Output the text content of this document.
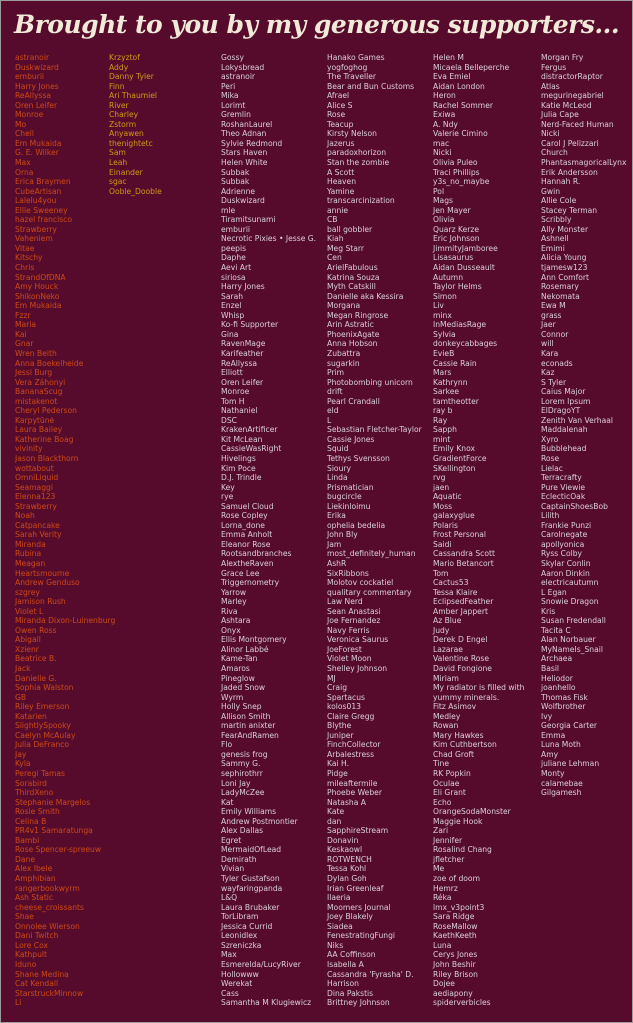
Brought to you by my generous supporters...
astranoir
Duskwizard
emburii
Harry Jones
ReAllyssa
Oren Leifer
Monroe
Mo
Chell
Em Mukaida
G. E. Wilker
Max
Orna
Erica Braymen
CubeArtisan
Lalelu4you
Ellie Sweeney
hazel francisco
Strawberry
Vaheniem
Vitae
Kitschy
Chris
StrandOfDNA
Amy Houck
ShikonNeko
Em Mukaida
Fzzr
Maria
Kai
Gnar
Wren Beith
Anna Boekelheide
Jessi Burg
Vera Záhonyi
BananaScug
mistakenot
Cheryl Pederson
Karpytūnė
Laura Bailey
Katherine Boag
vivinity
Jason Blackthorn
wottabout
OmniLiquid
Seamaggi
Elenna123
Strawberry
Noah
Catpancake
Sarah Verity
Miranda
Rubina
Meagan
Heartsmourne
Andrew Genduso
szgrey
Jamison Rush
Violet L
Miranda Dixon-Luinenburg
Owen Ross
Abigail
Xzienr
Beatrice B.
Jack
Danielle G.
Sophia Walston
GB
Riley Emerson
Katarien
SlightlySpooky
Caelyn McAulay
Julia DeFranco
Jay
Kyla
Peregi Tamas
Sorabird
ThirdXeno
Stephanie Margelos
Rosie Smith
Celina B
PR4v1 Samaratunga
Bambi
Rose Spencer-spreeuw
Dane
Alex Ibele
Amphibian
rangerbookwyrm
Ash Static
cheese_croissants
Shae
Onnolee Wierson
Dani Twitch
Lore Cox
Kathpult
Iduno
Shane Medina
Cat Kendall
StarstruckMinnow
Li
Krzyztof
Addy
Danny Tyler
Finn
Ari Thaumiel
River
Charley
Zstorm
Anyawen
thenightetc
Sam
Leah
Einander
sgac
Ooble_Dooble
Gossy
Lokysbread
astranoir
Peri
Mika
Lorimt
Gremlin
RoshanLaurel
Theo Adnan
Sylvie Redmond
Stars Haven
Helen White
Subbak
Subbak
Adrienne
Duskwizard
mle
Tiramitsunami
emburii
Necrotic Pixies • Jesse G.
peepis
Daphe
Aevi Art
siriosa
Harry Jones
Sarah
Enzel
Whisp
Ko-fi Supporter
Gina
RavenMage
Karifeather
ReAllyssa
Elliott
Oren Leifer
Monroe
Tom H
Nathaniel
DSC
KrakenArtificer
Kit McLean
CassieWasRight
Hivelings
Kim Poce
D.J. Trindle
Key
rye
Samuel Cloud
Rose Copley
Lorna_done
Emma Anholt
Eleanor Rose
Rootsandbranches
AlextheRaven
Grace Lee
Triggernometry
Yarrow
Marley
Riva
Ashtara
Onyx
Ellis Montgomery
Alinor Labbé
Kame-Tan
Amaros
Pineglow
Jaded Snow
Wyrm
Holly Snep
Allison Smith
martin anixter
FearAndRamen
Flo
genesis frog
Sammy G.
sephirothrr
Loni Jay
LadyMcZee
Kat
Emily Williams
Andrew Postmontier
Alex Dallas
Egret
MermaidOfLead
Demirath
Vivian
Tyler Gustafson
wayfaringpanda
L&Q
Laura Brubaker
TorLibram
Jessica Currid
Leonidlex
Szreniczka
Max
Esmerelda/LucyRiver
Hollowww
Werekat
Cass
Samantha M Klugiewicz
Hanako Games
yogfoghog
The Traveller
Bear and Bun Customs
Afrael
Alice S
Rose
Teacup
Kirsty Nelson
Jazerus
paradoxhorizon
Stan the zombie
A Scott
Heaven
Yamine
transcarcinization
annie
CB
ball gobbler
Kiah
Meg Starr
Cen
ArielFabulous
Katrina Souza
Myth Catskill
Danielle aka Kessira
Morgana
Megan Ringrose
Arin Astratic
PhoenixAgate
Anna Hobson
Zubattra
sugarkin
Prim
Photobombing unicorn
drift
Pearl Crandall
eld
L
Sebastian Fletcher-Taylor
Cassie Jones
Squid
Tethys Svensson
Sioury
Linda
Prismatician
bugcircle
Liekinloimu
Erika
ophelia bedelia
John Bly
Jam
most_definitely_human
AshR
SixRibbons
Molotov cockatiel
qualitary commentary
Law Nerd
Sean Anastasi
Joe Fernandez
Navy Ferris
Veronica Saurus
JoeForest
Violet Moon
Shelley Johnson
MJ
Craig
Spartacus
kolos013
Claire Gregg
Blythe
Juniper
FinchCollector
Arbalestress
Kai H.
Pidge
mileaftermile
Phoebe Weber
Natasha A
Kate
dan
SapphireStream
Donavin
Keskaowl
ROTWENCH
Tessa Kohl
Dylan Goh
Irian Greenleaf
Ilaeria
Moomers Journal
Joey Blakely
Siadea
FenestratingFungi
Niks
AA Coffinson
Isabella A
Cassandra 'Fyrasha' D.
Harrison
Dina Pakstis
Brittney Johnson
Helen M
Micaela Belleperche
Eva Emiel
Aidan London
Heron
Rachel Sommer
Exiwa
A. Ndy
Valerie Cimino
mac
Nicki
Olivia Puleo
Traci Phillips
y3s_no_maybe
Pol
Mags
Jen Mayer
Olivia
Quarz Kerze
Eric Johnson
JimmityJamboree
Lisasaurus
Aidan Dusseault
Autumn
Taylor Helms
Simon
Liv
minx
InMediasRage
Sylvia
donkeycabbages
EvieB
Cassie Rain
Mars
Kathrynn
Sarkee
tamtheotter
ray b
Ray
Sapph
mint
Emily Knox
GradientForce
SKellington
rvg
jaen
Aquatic
Moss
galaxyglue
Polaris
Frost Personal
Saidi
Cassandra Scott
Mario Betancort
Tom
Cactus53
Tessa Klaire
EclipsedFeather
Amber Jappert
Az Blue
Judy
Derek D Engel
Lazarae
Valentine Rose
David Fongione
Miriam
My radiator is filled with
yummy minerals.
Fitz Asimov
Medley
Rowan
Mary Hawkes
Kim Cuthbertson
Chad Groft
Tine
RK Popkin
Oculae
Eli Grant
Echo
OrangeSodaMonster
Maggie Hook
Zari
Jennifer
Rosalind Chang
jfletcher
Me
zoe of doom
Hemrz
Réka
lmx_v3point3
Sara Ridge
RoseMallow
KaethKeeth
Luna
Cerys Jones
John Beshir
Riley Brison
Dojee
aediapony
spiderverbicles
Morgan Fry
Fergus
distractorRaptor
Atlas
megurinegabriel
Katie McLeod
Julia Cape
Nerd-Faced Human
Nicki
Carol J Pelizzari
Church
PhantasmagoricalLynx
Erik Andersson
Hannah R.
Gwin
Allie Cole
Stacey Terman
Scribbly
Ally Monster
Ashnell
Emimi
Alicia Young
tjamesw123
Ann Comfort
Rosemary
Nekomata
Ewa M
grass
Jaer
Connor
will
Kara
econads
Kaz
S Tyler
Caius Major
Lorem Ipsum
ElDragoYT
Zenith Van Verhaal
Maddalenah
Xyro
Bubblehead
Rose
Lielac
Terracrafty
Pure Viewie
EclecticOak
CaptainShoesBob
Lilith
Frankie Punzi
Carolnegate
apollyonica
Ryss Colby
Skylar Conlin
Aaron Dinkin
electricautumn
L Egan
Snowie Dragon
Kris
Susan Fredendall
Tacita C
Alan Norbauer
MyNameIs_Snail
Archaea
Basil
Heliodor
joanhello
Thomas Fisk
Wolfbrother
Ivy
Georgia Carter
Emma
Luna Moth
Amy
juliane Lehman
Monty
calamebae
Gilgamesh
